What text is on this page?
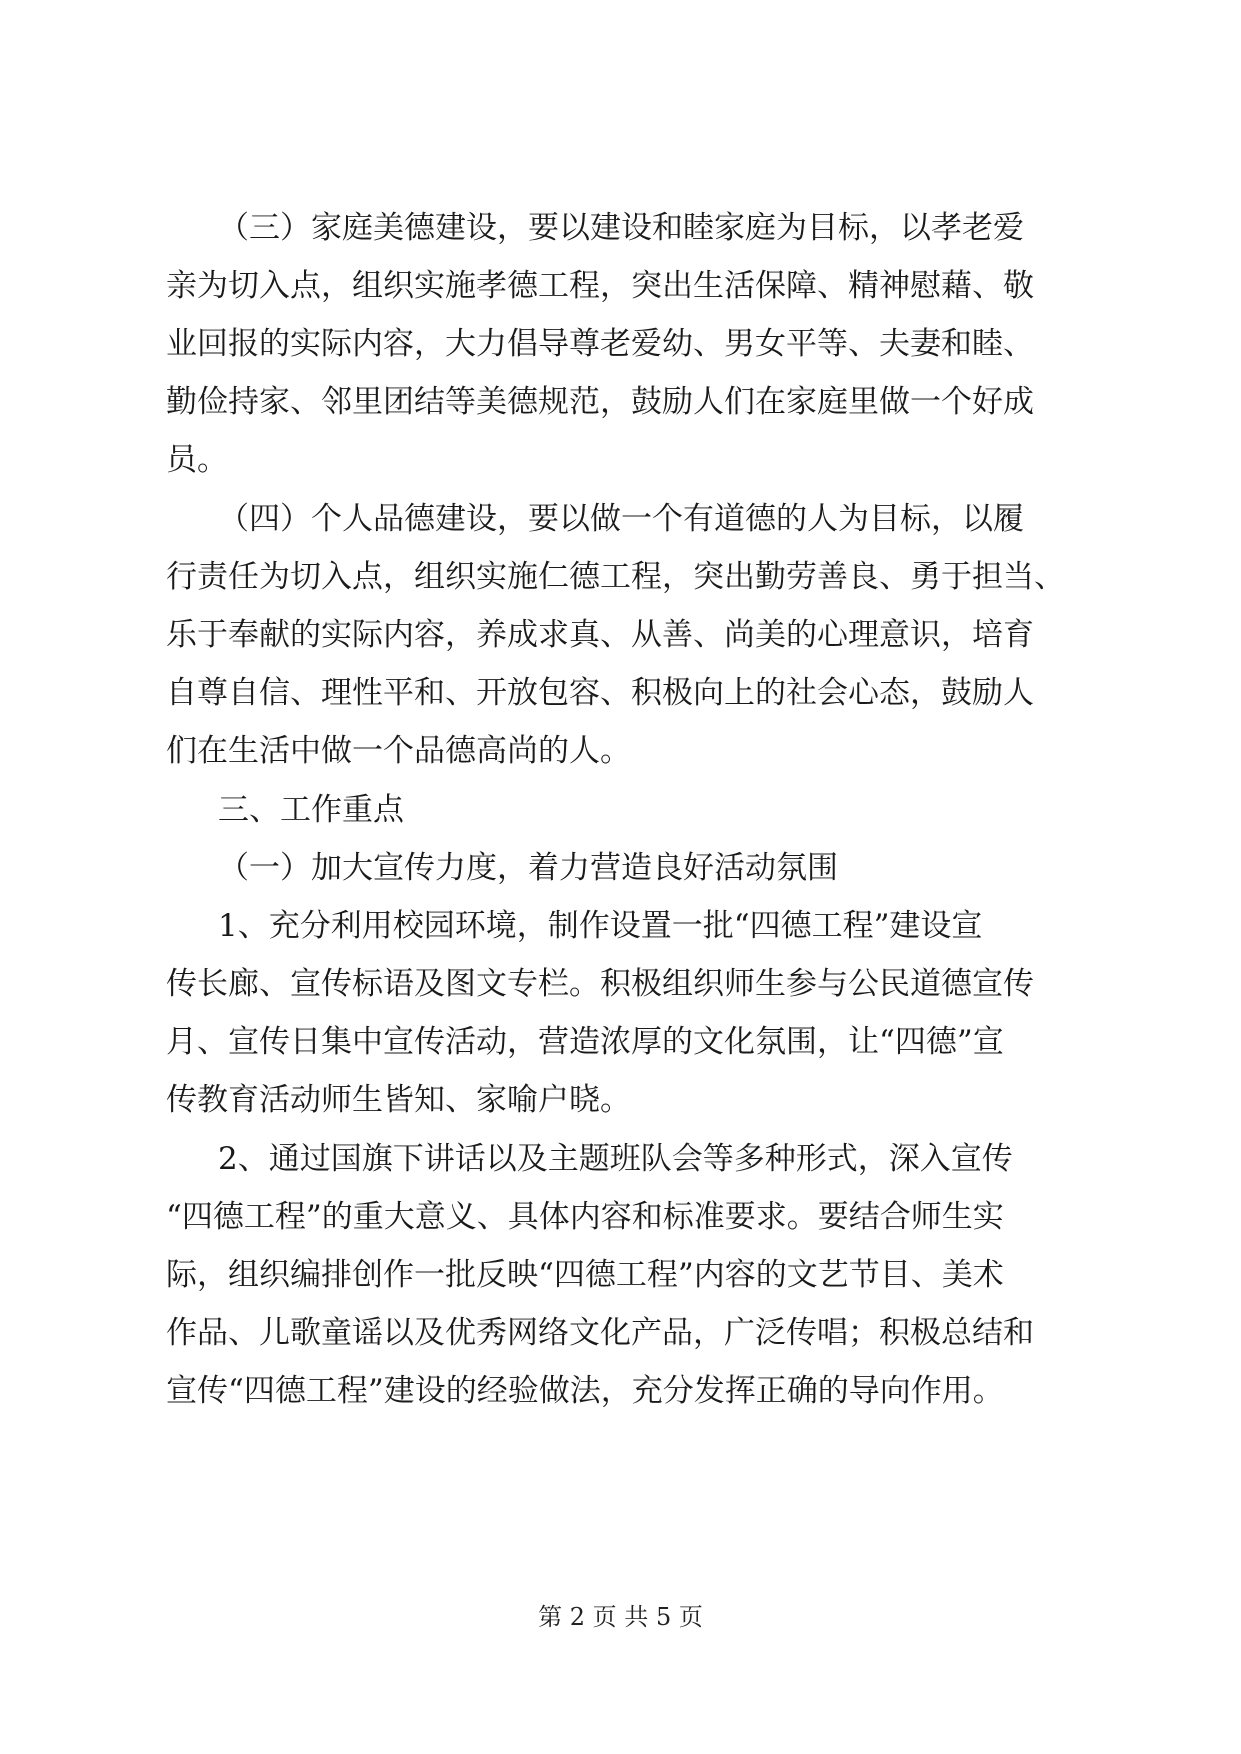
（三）家庭美德建设，要以建设和睦家庭为目标，以孝老爱
亲为切入点，组织实施孝德工程，突出生活保障、精神慰藉、敬
业回报的实际内容，大力倡导尊老爱幼、男女平等、夫妻和睦、
勤俭持家、邻里团结等美德规范，鼓励人们在家庭里做一个好成
员。
（四）个人品德建设，要以做一个有道德的人为目标，以履
行责任为切入点，组织实施仁德工程，突出勤劳善良、勇于担当、
乐于奉献的实际内容，养成求真、从善、尚美的心理意识，培育
自尊自信、理性平和、开放包容、积极向上的社会心态，鼓励人
们在生活中做一个品德高尚的人。
三、工作重点
（一）加大宣传力度，着力营造良好活动氛围
1、充分利用校园环境，制作设置一批“四德工程”建设宣
传长廊、宣传标语及图文专栏。积极组织师生参与公民道德宣传
月、宣传日集中宣传活动，营造浓厚的文化氛围，让“四德”宣
传教育活动师生皆知、家喻户晓。
2、通过国旗下讲话以及主题班队会等多种形式，深入宣传
“四德工程”的重大意义、具体内容和标准要求。要结合师生实
际，组织编排创作一批反映“四德工程”内容的文艺节目、美术
作品、儿歌童谣以及优秀网络文化产品，广泛传唱；积极总结和
宣传“四德工程”建设的经验做法，充分发挥正确的导向作用。
第 2 页 共 5 页
